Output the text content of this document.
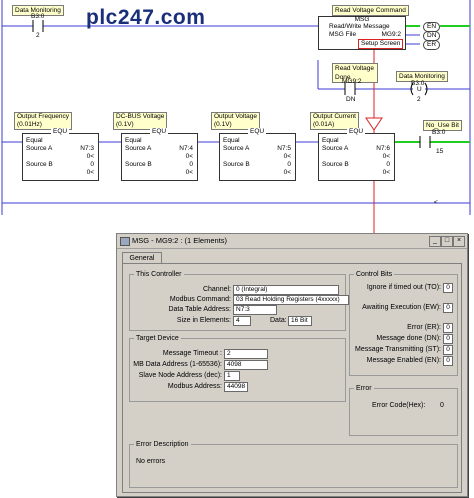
plc247.com
Data Monitoring
B3:0
2
Read Voltage Command
MSG
Read/Write Message
MSG File	MG9:2
Setup Screen
EN
DN
ER
Read Voltage Done
MG9:2
DN
Data Monitoring
B3:0
U
2
Output Frequency
(0.01Hz)
EQU
Equal
Source A	N7:3
0<

Source B	0
0<

DC-BUS Voltage
(0.1V)
EQU
Equal
Source A	N7:4
0<

Source B	0
0<

Output Voltage
(0.1V)
EQU
Equal
Source A	N7:5
0<

Source B	0
0<

Output Current
(0.01A)
EQU
Equal
Source A	N7:6
0<

Source B	0
0<

No_Use Bit
B3:0
15
<
MSG - MG9:2 : (1 Elements)	_	□	×
General
This Controller
Channel: 0 (Integral)
Modbus Command: 03 Read Holding Registers (4xxxxx)
Data Table Address: N7:3
Size in Elements: 4	Data: 16 Bit
Target Device
Message Timeout : 2
MB Data Address (1-65536): 4098
Slave Node Address (dec): 1
Modbus Address: 44098
Control Bits
Ignore if timed out (TO): 0
Awaiting Execution (EW): 0
Error (ER): 0
Message done (DN): 0
Message Transmitting (ST): 0
Message Enabled (EN): 0
Error
Error Code(Hex): 0
Error Description
No errors
